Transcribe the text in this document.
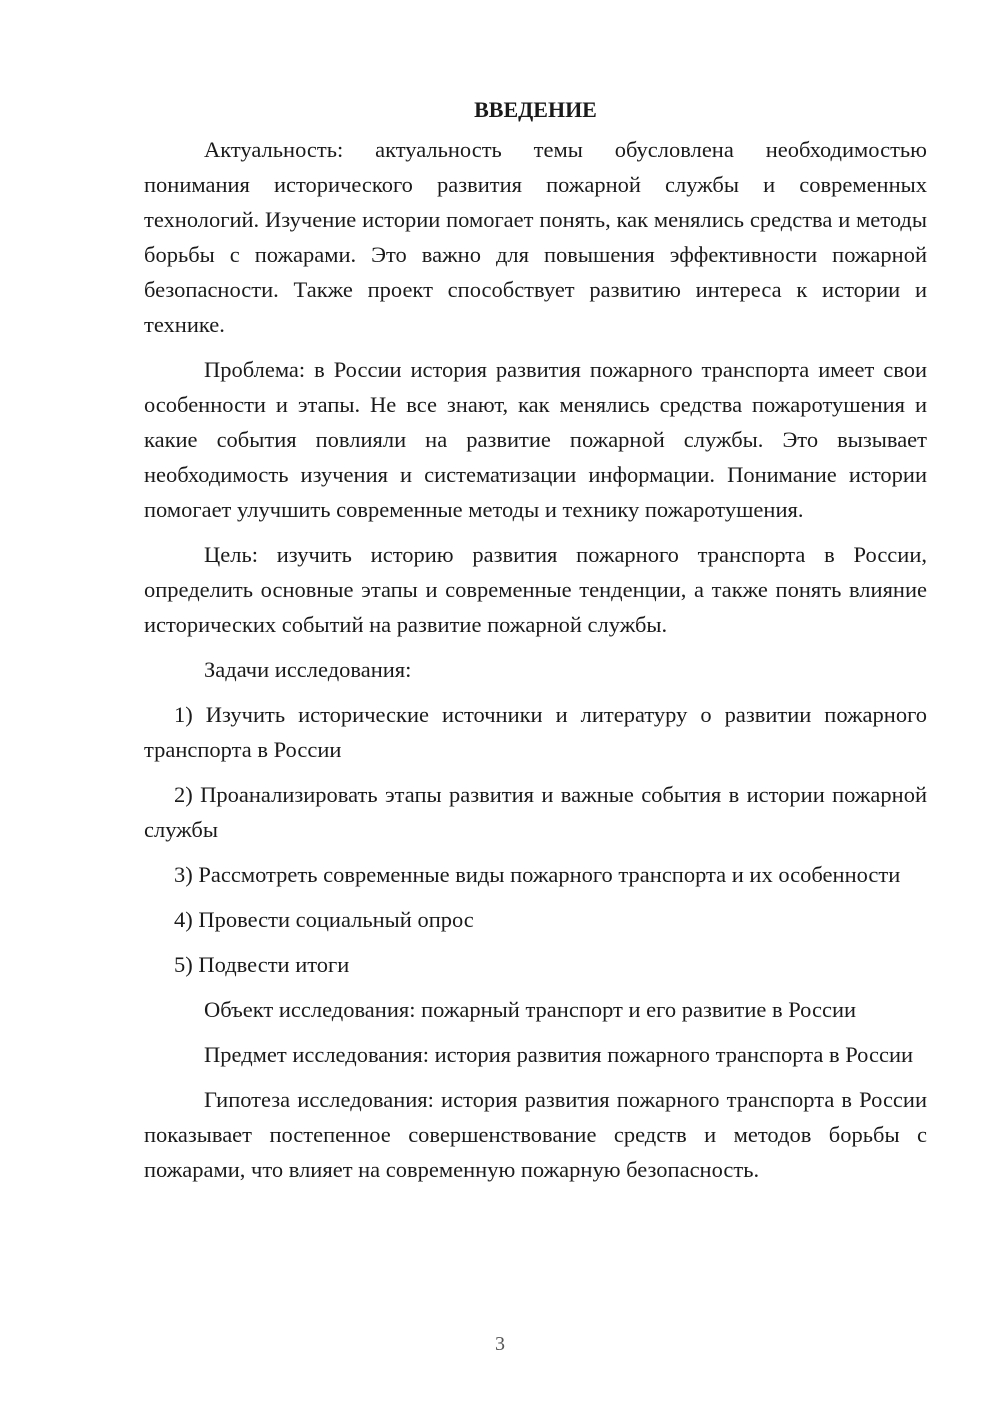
ВВЕДЕНИЕ

Актуальность: актуальность темы обусловлена необходимостью понимания исторического развития пожарной службы и современных технологий. Изучение истории помогает понять, как менялись средства и методы борьбы с пожарами. Это важно для повышения эффективности пожарной безопасности. Также проект способствует развитию интереса к истории и технике.

Проблема: в России история развития пожарного транспорта имеет свои особенности и этапы. Не все знают, как менялись средства пожаротушения и какие события повлияли на развитие пожарной службы. Это вызывает необходимость изучения и систематизации информации. Понимание истории помогает улучшить современные методы и технику пожаротушения.

Цель: изучить историю развития пожарного транспорта в России, определить основные этапы и современные тенденции, а также понять влияние исторических событий на развитие пожарной службы.

Задачи исследования:

1) Изучить исторические источники и литературу о развитии пожарного транспорта в России

2) Проанализировать этапы развития и важные события в истории пожарной службы

3) Рассмотреть современные виды пожарного транспорта и их особенности

4) Провести социальный опрос

5) Подвести итоги

Объект исследования: пожарный транспорт и его развитие в России

Предмет исследования: история развития пожарного транспорта в России

Гипотеза исследования: история развития пожарного транспорта в России показывает постепенное совершенствование средств и методов борьбы с пожарами, что влияет на современную пожарную безопасность.

3
